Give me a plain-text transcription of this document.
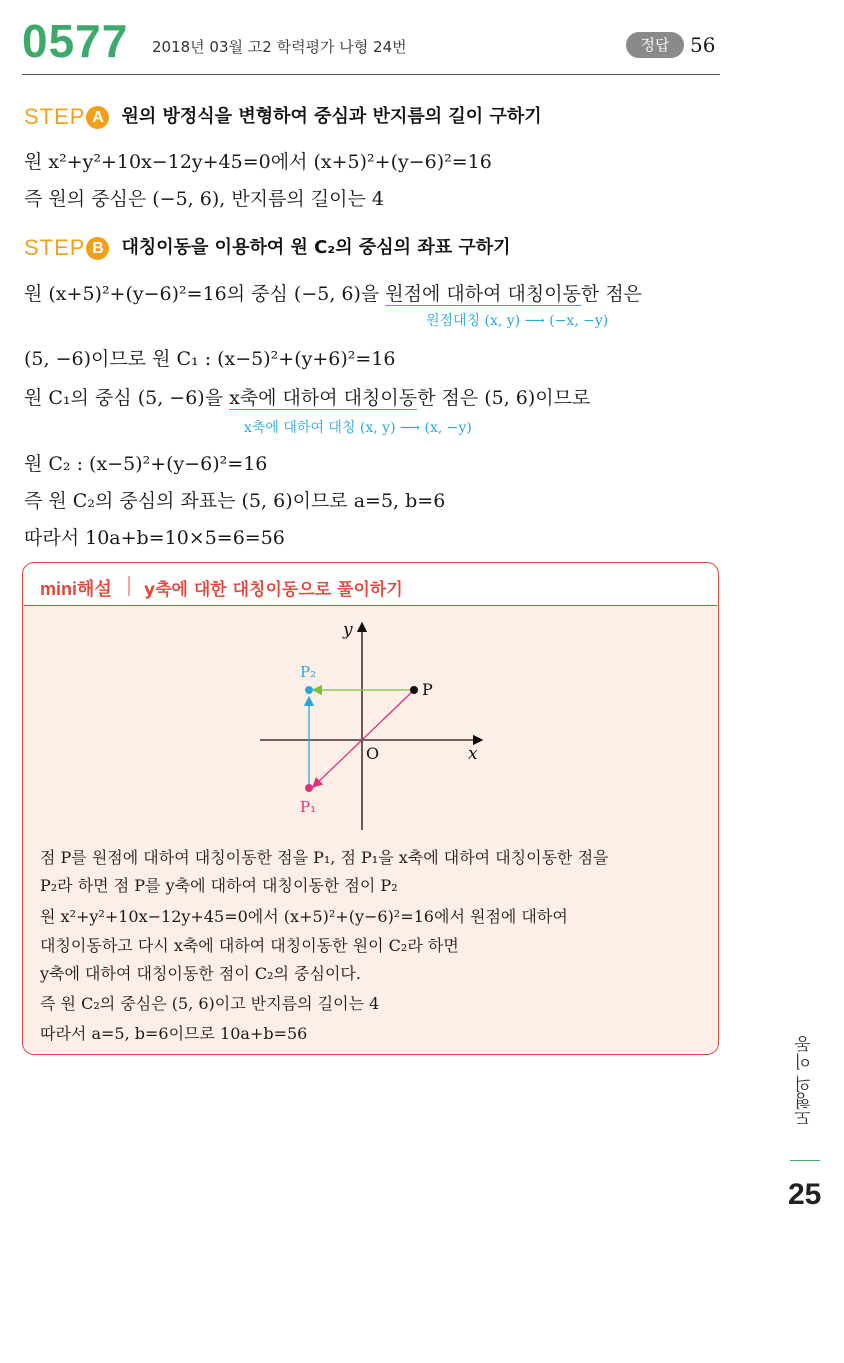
0577 2018년 03월 고2 학력평가 나형 24번	정답	56
STEP A 원의 방정식을 변형하여 중심과 반지름의 길이 구하기
원 x²+y²+10x−12y+45=0에서 (x+5)²+(y−6)²=16
즉 원의 중심은 (−5, 6), 반지름의 길이는 4
STEP B 대칭이동을 이용하여 원 C₂의 중심의 좌표 구하기
원 (x+5)²+(y−6)²=16의 중심 (−5, 6)을 원점에 대하여 대칭이동한 점은
원점대칭 (x, y) ⟶ (−x, −y)
(5, −6)이므로 원 C₁ : (x−5)²+(y+6)²=16
원 C₁의 중심 (5, −6)을 x축에 대하여 대칭이동한 점은 (5, 6)이므로
x축에 대하여 대칭 (x, y) ⟶ (x, −y)
원 C₂ : (x−5)²+(y−6)²=16
즉 원 C₂의 중심의 좌표는 (5, 6)이므로 a=5, b=6
따라서 10a+b=10×5=6=56
mini해설 y축에 대한 대칭이동으로 풀이하기
y
x
O
P
P₁
P₂
점 P를 원점에 대하여 대칭이동한 점을 P₁, 점 P₁을 x축에 대하여 대칭이동한 점을
P₂라 하면 점 P를 y축에 대하여 대칭이동한 점이 P₂
원 x²+y²+10x−12y+45=0에서 (x+5)²+(y−6)²=16에서 원점에 대하여
대칭이동하고 다시 x축에 대하여 대칭이동한 원이 C₂라 하면
y축에 대하여 대칭이동한 점이 C₂의 중심이다.
즉 원 C₂의 중심은 (5, 6)이고 반지름의 길이는 4
따라서 a=5, b=6이므로 10a+b=56
도형의 이동
25
